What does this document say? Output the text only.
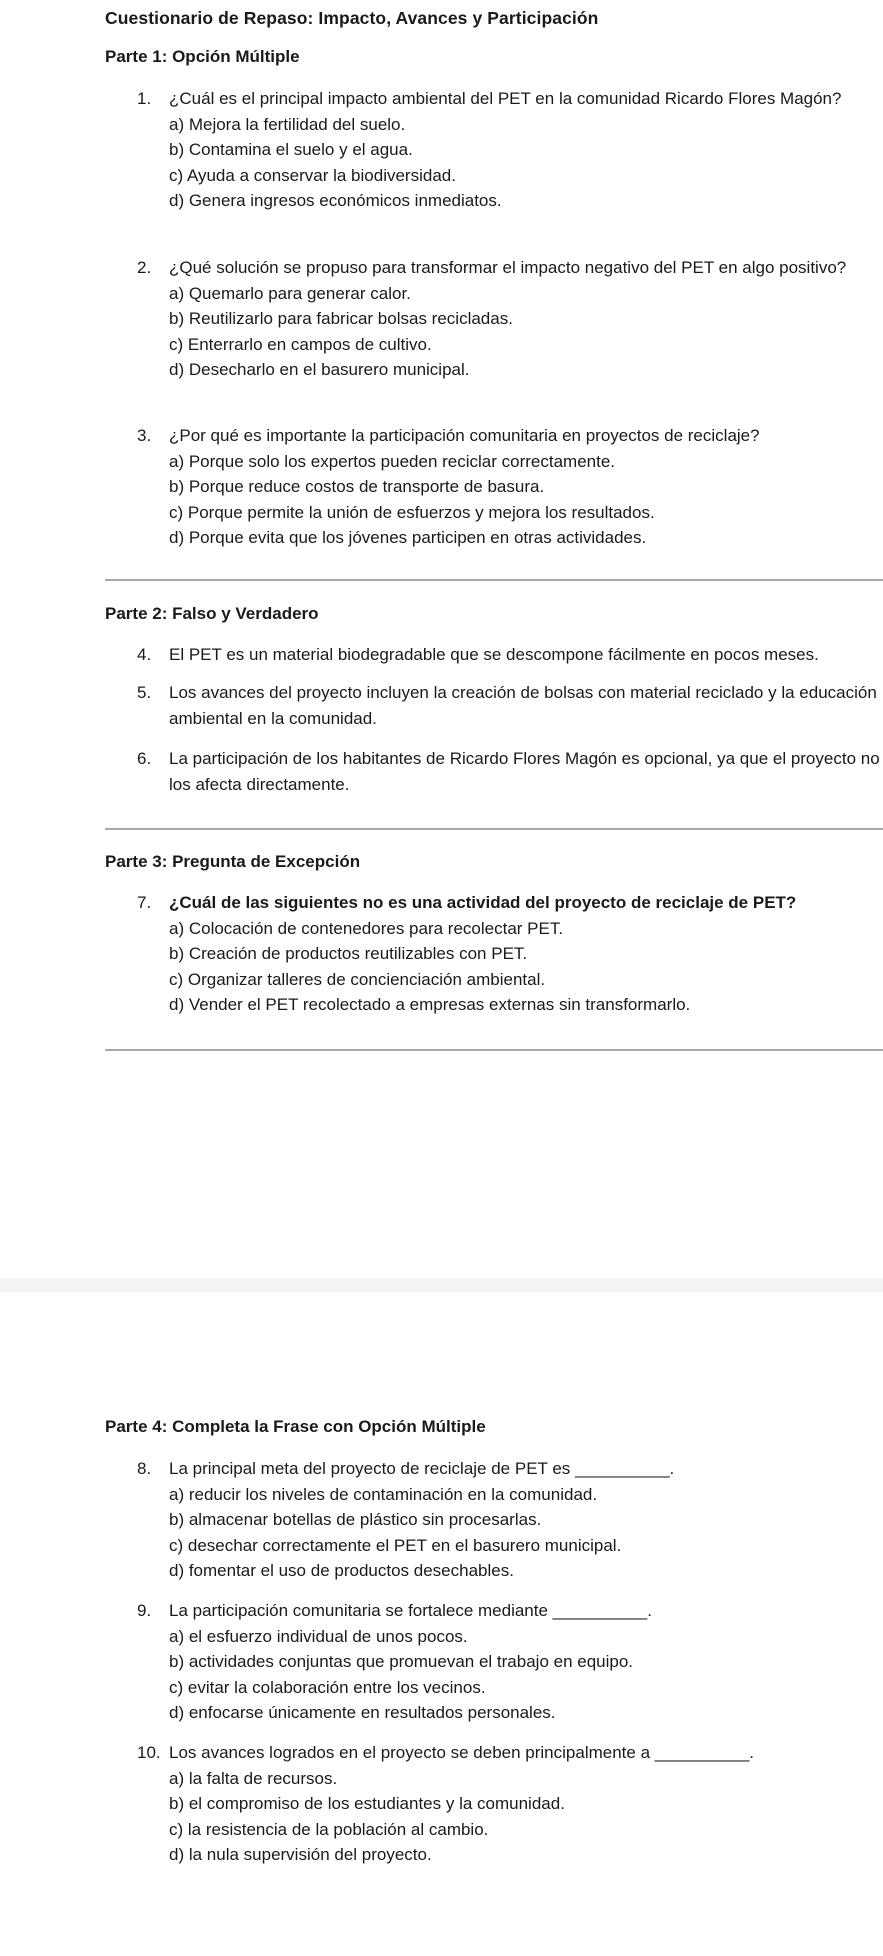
Cuestionario de Repaso: Impacto, Avances y Participación
Parte 1: Opción Múltiple
1. ¿Cuál es el principal impacto ambiental del PET en la comunidad Ricardo Flores Magón?
a) Mejora la fertilidad del suelo.
b) Contamina el suelo y el agua.
c) Ayuda a conservar la biodiversidad.
d) Genera ingresos económicos inmediatos.
2. ¿Qué solución se propuso para transformar el impacto negativo del PET en algo positivo?
a) Quemarlo para generar calor.
b) Reutilizarlo para fabricar bolsas recicladas.
c) Enterrarlo en campos de cultivo.
d) Desecharlo en el basurero municipal.
3. ¿Por qué es importante la participación comunitaria en proyectos de reciclaje?
a) Porque solo los expertos pueden reciclar correctamente.
b) Porque reduce costos de transporte de basura.
c) Porque permite la unión de esfuerzos y mejora los resultados.
d) Porque evita que los jóvenes participen en otras actividades.
Parte 2: Falso y Verdadero
4. El PET es un material biodegradable que se descompone fácilmente en pocos meses.
5. Los avances del proyecto incluyen la creación de bolsas con material reciclado y la educación ambiental en la comunidad.
6. La participación de los habitantes de Ricardo Flores Magón es opcional, ya que el proyecto no los afecta directamente.
Parte 3: Pregunta de Excepción
7. ¿Cuál de las siguientes no es una actividad del proyecto de reciclaje de PET?
a) Colocación de contenedores para recolectar PET.
b) Creación de productos reutilizables con PET.
c) Organizar talleres de concienciación ambiental.
d) Vender el PET recolectado a empresas externas sin transformarlo.
Parte 4: Completa la Frase con Opción Múltiple
8. La principal meta del proyecto de reciclaje de PET es __________.
a) reducir los niveles de contaminación en la comunidad.
b) almacenar botellas de plástico sin procesarlas.
c) desechar correctamente el PET en el basurero municipal.
d) fomentar el uso de productos desechables.
9. La participación comunitaria se fortalece mediante __________.
a) el esfuerzo individual de unos pocos.
b) actividades conjuntas que promuevan el trabajo en equipo.
c) evitar la colaboración entre los vecinos.
d) enfocarse únicamente en resultados personales.
10. Los avances logrados en el proyecto se deben principalmente a __________.
a) la falta de recursos.
b) el compromiso de los estudiantes y la comunidad.
c) la resistencia de la población al cambio.
d) la nula supervisión del proyecto.
